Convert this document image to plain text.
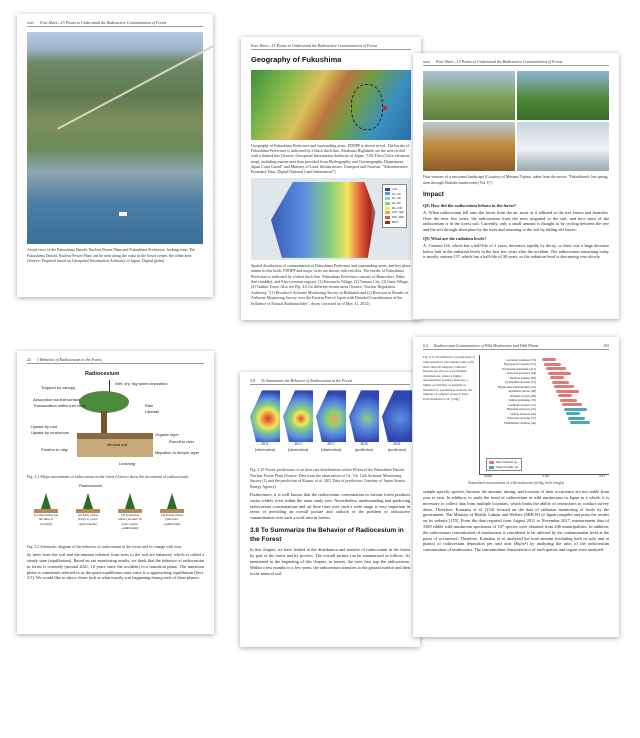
xxiv Fact Sheet—15 Points to Understand the Radioactive Contamination of Forest
Aerial view of the Fukushima Daiichi Nuclear Power Plant and Fukushima Prefecture, looking west. The Fukushima Daiichi Nuclear Power Plant can be seen along the coast in the lower center, the white area (Source: Prepared based on Geospatial Information Authority of Japan, Digital globe)
Fact Sheet—15 Points to Understand the Radioactive Contamination of Forest
Geography of Fukushima
Geography of Fukushima Prefecture and surrounding areas. FDNPP is shown in red. The border of Fukushima Prefecture is indicated by a black thick line. Abukuma Highlands are the area circled with a dashed line (Source: Geospatial Information Authority of Japan, "GSI Tiles (Color elevation map), including marine area data provided from Hydrographic and Oceanographic Department, Japan Coast Guard" and Ministry of Land, Infrastructure, Transport and Tourism, "Administrative Boundary Data, Digital National Land Information")
≤10
10–20
20–40
40–60
60–100
100–300
300–600
600<
Spatial distribution of contamination of Fukushima Prefecture and surrounding areas, and key place names in this book. FDNPP and major cities are shown with red dots. The border of Fukushima Prefecture is indicated by a black thick line. Fukushima Prefecture consists of Hama-dori, Naka-dori (middle), and Aizu (western region). (1) Kawauchi Village, (2) Tamura City, (3) Iitate Village, (4) Tadami Town. Also see Fig. 4.6 for different terrain areas (Source: Nuclear Regulation Authority, "(1) Results of Airborne Monitoring Survey in Hokkaido and (2) Revision to Results of Airborne Monitoring Survey over the Eastern Part of Japan with Detailed Consideration of the Influence of Natural Radionuclides", decay corrected as of May 31, 2012)
xxvi Fact Sheet—15 Points to Understand the Radioactive Contamination of Forest
Four seasons of a satoyama landscape (Courtesy of Masami Tajima, taken from the movie "Fukushima's lost spring, seen through Shiitake mushrooms (Vol.1)")
Impact
Q8: How did the radiocesium behave in the forest?
A: When radiocesium fell onto the forest from the air, most of it adhered to the tree leaves and branches. Over the next few years, the radiocesium from the trees migrated to the soil, and now most of the radiocesium is in the forest soil. Currently, only a small amount is thought to be cycling between the tree and the soil through absorption by the trees and returning to the soil by falling old leaves.
Q9: What are the radiation levels?
A: Cesium-134, which has a half-life of 2 years, decreases rapidly by decay, so there was a large decrease below half in the radiation levels in the first few years after the accident. The radiocesium remaining today is mostly cesium-137, which has a half-life of 30 years, so the radiation level is decreasing very slowly.
22 3 Behavior of Radiocesium in the Forest
Radiocesium
Wet, dry, fog water deposition
Trapped by canopy
Absorption via leaf surface
Translocation within tree body	Rain
Litterfall
Uptake by root
Uptake by mushroom	Organic layer
Mineral soil
Fixation to clay
Runoff to river
Migration to deeper layer
Leaching
Fig. 3.1 Major movements of radiocesium in the forest (Arrows show the movement of radiocesium)
Radiocesium
(1) Deposition (At the time of accident)
(2) Early phase (Days to years: rapid transfer)
(3) Transition phase (Around 10 years: quasi-equilibrium)
(4) Steady phase (Decades: equilibrium)
Fig. 3.2 Schematic diagram of the behavior of radiocesium in the forest and its change with time
by trees from the soil and the amount released from trees to the soil are balanced, which is called a steady state (equilibrium). Based on our monitoring results, we think that the behavior of radiocesium in forest is currently (around 2021, 10 years since the accident) in a transition phase. The transition phase is sometimes referred to as the quasi-equilibrium state since it is approaching equilibrium (Sect. 3.5). We would like to take a closer look at what exactly was happening during each of these phases.
3.8 To Summarize the Behavior of Radiocesium in the Forest
2011
(observation)
2013
(observation)
2017
(observation)
2026
(prediction)
2041
(prediction)
Fig. 3.25 Future predictions of air dose rate distributions within 80 km of the Fukushima Daiichi Nuclear Power Plant (Source: Data from the observation of 1st, 7th, 12th Airborne Monitoring Survey (1) and the prediction of Kitano, et al. [40]. Data of prediction: Courtesy of Japan Atomic Energy Agency)
Furthermore, it is well known that the radiocesium concentration in various forest products varies widely even within the same study area. Nevertheless, understanding and predicting radiocesium concentrations and air dose rates over such a wide range is very important in terms of providing an overall picture and outlook of the problem of radioactive contamination over such a wide area in forests.
3.8 To Summarize the Behavior of Radiocesium in the Forest
In this chapter, we have looked at the distribution and transfer of radiocesium in the forest by part of the forest and by process. The overall picture can be summarized as follows. As mentioned in the beginning of this chapter, in forests, the trees first trap the radiocesium. Within a few months to a few years, the radiocesium transfers to the ground surface and then to the mineral soil.
6.4 Radiocesium Contamination of Wild Mushrooms and Wild Plants	103
Fig. 6.15 Normalized concentration of radiocesium in wild mushrooms with more than 40 samples collected. Results are shown as probability distributions, where a higher measurement position indicates a higher probability of prediction. Numbers in parentheses indicate the number of samples (Source: Data from Komatsu et al. [154])
Lactarius volemus (172)
Hygrophorus russula (157)
Tricholoma matsutake (413)
Sarcodon aspratus (194)
Pholiota nameko (84)
Lyophyllum decastes (75)
Hypholoma sublateritium (101)
Armillaria species (96)
Ramaria botrytis (68)
Suillus granulatus (53)
Lentinula edodes (121)
Hericium erinaceus (45)
Grifola frondosa (42)
Pleurotus ostreatus (57)
Flammulina velutipes (48)
0.0001	0.001	0.01
Mycorrhizal sp.
Saprotrophic sp.
Normalized concentration of wild mushroom (m²/kg, fresh weight)
sample specific species, because the amount, timing, and location of their occurrence are not stable from year to year. In addition, to study the trend of radiocesium in wild mushrooms in Japan as a whole, it is necessary to collect data from multiple locations, which limits the ability of researchers to conduct survey alone. Therefore, Komatsu et al. [154] focused on the data of radiation monitoring of foods by the government. The Ministry of Health, Labour and Welfare (MHLW) of Japan compiles and posts the results on its website [155]. From the data reported from August 2011 to November 2017, measurement data of 3189 edible wild mushroom specimens of 107 species were obtained from 246 municipalities. In addition, the radiocesium concentration of mushrooms is considered to be affected by the contamination level at the point of occurrence. Therefore, Komatsu et al. analyzed the total amount (including both in soils and in plants) of radiocesium deposition per unit area (Bq/m²) by analyzing the ratio of the radiocesium concentration of mushrooms. The concentration characteristics of each species and region were analyzed.
